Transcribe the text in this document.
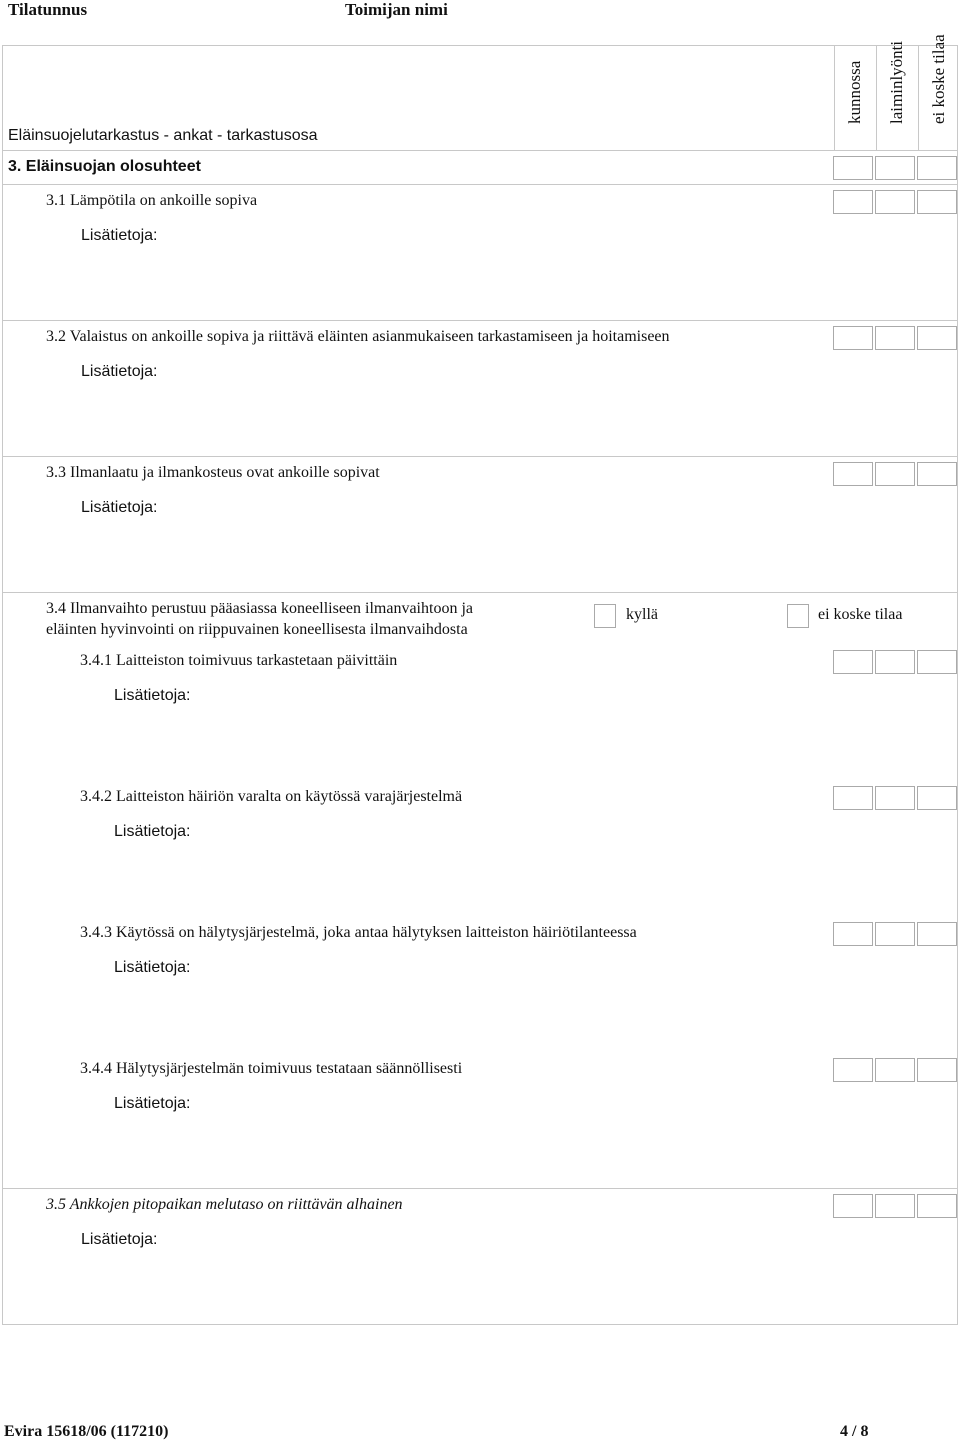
Tilatunnus	Toimijan nimi
kunnossa laiminlyönti ei koske tilaa
Eläinsuojelutarkastus - ankat - tarkastusosa
3. Eläinsuojan olosuhteet
3.1 Lämpötila on ankoille sopiva
Lisätietoja:
3.2 Valaistus on ankoille sopiva ja riittävä eläinten asianmukaiseen tarkastamiseen ja hoitamiseen
Lisätietoja:
3.3 Ilmanlaatu ja ilmankosteus ovat ankoille sopivat
Lisätietoja:
3.4 Ilmanvaihto perustuu pääasiassa koneelliseen ilmanvaihtoon ja
eläinten hyvinvointi on riippuvainen koneellisesta ilmanvaihdosta
kyllä	ei koske tilaa
3.4.1 Laitteiston toimivuus tarkastetaan päivittäin
Lisätietoja:
3.4.2 Laitteiston häiriön varalta on käytössä varajärjestelmä
Lisätietoja:
3.4.3 Käytössä on hälytysjärjestelmä, joka antaa hälytyksen laitteiston häiriötilanteessa
Lisätietoja:
3.4.4 Hälytysjärjestelmän toimivuus testataan säännöllisesti
Lisätietoja:
3.5 Ankkojen pitopaikan melutaso on riittävän alhainen
Lisätietoja:
Evira 15618/06 (117210)	4 / 8
